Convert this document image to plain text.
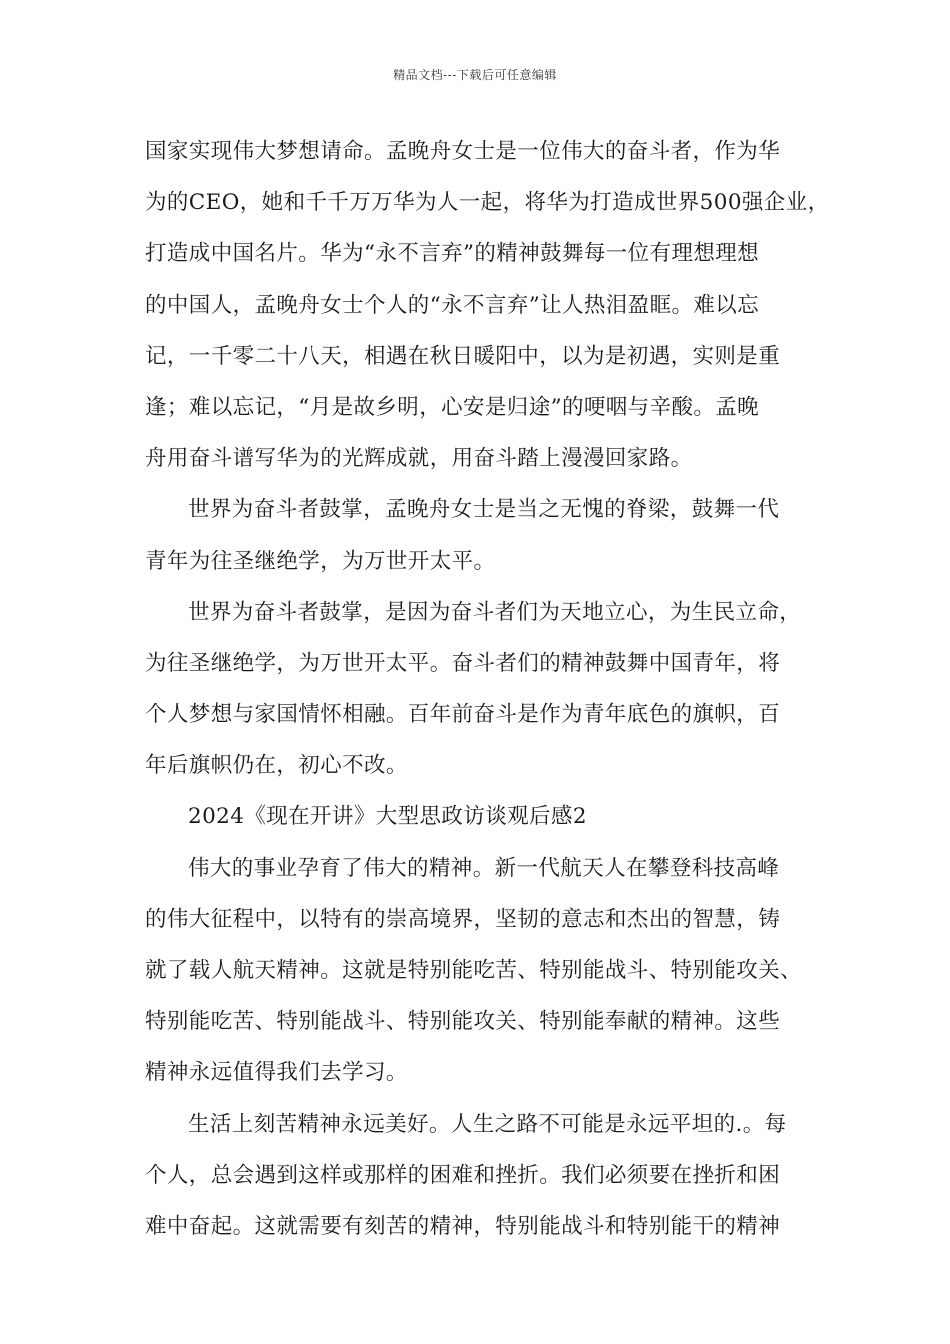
精品文档---下载后可任意编辑
国家实现伟大梦想请命。孟晚舟女士是一位伟大的奋斗者，作为华
为的CEO，她和千千万万华为人一起，将华为打造成世界500强企业，
打造成中国名片。华为“永不言弃”的精神鼓舞每一位有理想理想
的中国人，孟晚舟女士个人的“永不言弃”让人热泪盈眶。难以忘
记，一千零二十八天，相遇在秋日暖阳中，以为是初遇，实则是重
逢；难以忘记，“月是故乡明，心安是归途”的哽咽与辛酸。孟晚
舟用奋斗谱写华为的光辉成就，用奋斗踏上漫漫回家路。
世界为奋斗者鼓掌，孟晚舟女士是当之无愧的脊梁，鼓舞一代
青年为往圣继绝学，为万世开太平。
世界为奋斗者鼓掌，是因为奋斗者们为天地立心，为生民立命，
为往圣继绝学，为万世开太平。奋斗者们的精神鼓舞中国青年，将
个人梦想与家国情怀相融。百年前奋斗是作为青年底色的旗帜，百
年后旗帜仍在，初心不改。
2024《现在开讲》大型思政访谈观后感2
伟大的事业孕育了伟大的精神。新一代航天人在攀登科技高峰
的伟大征程中，以特有的崇高境界，坚韧的意志和杰出的智慧，铸
就了载人航天精神。这就是特别能吃苦、特别能战斗、特别能攻关、
特别能吃苦、特别能战斗、特别能攻关、特别能奉献的精神。这些
精神永远值得我们去学习。
生活上刻苦精神永远美好。人生之路不可能是永远平坦的.。每
个人，总会遇到这样或那样的困难和挫折。我们必须要在挫折和困
难中奋起。这就需要有刻苦的精神，特别能战斗和特别能干的精神
